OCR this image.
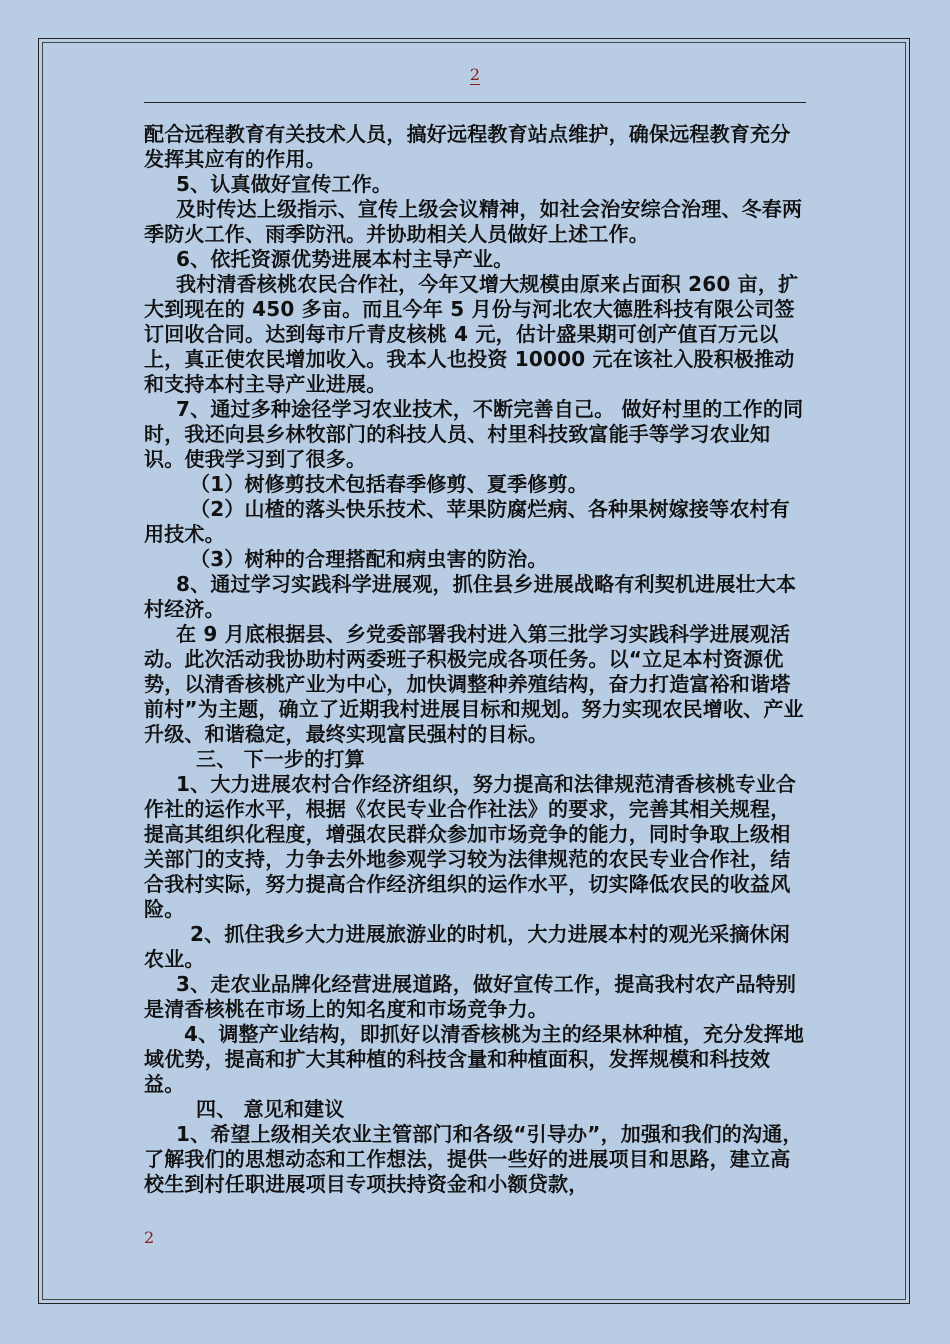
2

配合远程教育有关技术人员，搞好远程教育站点维护，确保远程教育充分发挥其应有的作用。

5、认真做好宣传工作。

及时传达上级指示、宣传上级会议精神，如社会治安综合治理、冬春两季防火工作、雨季防汛。并协助相关人员做好上述工作。

6、依托资源优势进展本村主导产业。

我村清香核桃农民合作社，今年又增大规模由原来占面积 260 亩，扩大到现在的 450 多亩。而且今年 5 月份与河北农大德胜科技有限公司签订回收合同。达到每市斤青皮核桃 4 元，估计盛果期可创产值百万元以上，真正使农民增加收入。我本人也投资 10000 元在该社入股积极推动和支持本村主导产业进展。

7、通过多种途径学习农业技术，不断完善自己。 做好村里的工作的同时，我还向县乡林牧部门的科技人员、村里科技致富能手等学习农业知识。使我学习到了很多。

（1）树修剪技术包括春季修剪、夏季修剪。

（2）山楂的落头快乐技术、苹果防腐烂病、各种果树嫁接等农村有用技术。

（3）树种的合理搭配和病虫害的防治。

8、通过学习实践科学进展观，抓住县乡进展战略有利契机进展壮大本村经济。

在 9 月底根据县、乡党委部署我村进入第三批学习实践科学进展观活动。此次活动我协助村两委班子积极完成各项任务。以“立足本村资源优势，以清香核桃产业为中心，加快调整种养殖结构，奋力打造富裕和谐塔前村”为主题，确立了近期我村进展目标和规划。努力实现农民增收、产业升级、和谐稳定，最终实现富民强村的目标。

三、 下一步的打算

1、大力进展农村合作经济组织，努力提高和法律规范清香核桃专业合作社的运作水平，根据《农民专业合作社法》的要求，完善其相关规程，提高其组织化程度，增强农民群众参加市场竞争的能力，同时争取上级相关部门的支持，力争去外地参观学习较为法律规范的农民专业合作社，结合我村实际，努力提高合作经济组织的运作水平，切实降低农民的收益风险。

2、抓住我乡大力进展旅游业的时机，大力进展本村的观光采摘休闲农业。

3、走农业品牌化经营进展道路，做好宣传工作，提高我村农产品特别是清香核桃在市场上的知名度和市场竞争力。

4、调整产业结构，即抓好以清香核桃为主的经果林种植，充分发挥地域优势，提高和扩大其种植的科技含量和种植面积，发挥规模和科技效益。

四、 意见和建议

1、希望上级相关农业主管部门和各级“引导办”，加强和我们的沟通，了解我们的思想动态和工作想法，提供一些好的进展项目和思路，建立高校生到村任职进展项目专项扶持资金和小额贷款，

2
